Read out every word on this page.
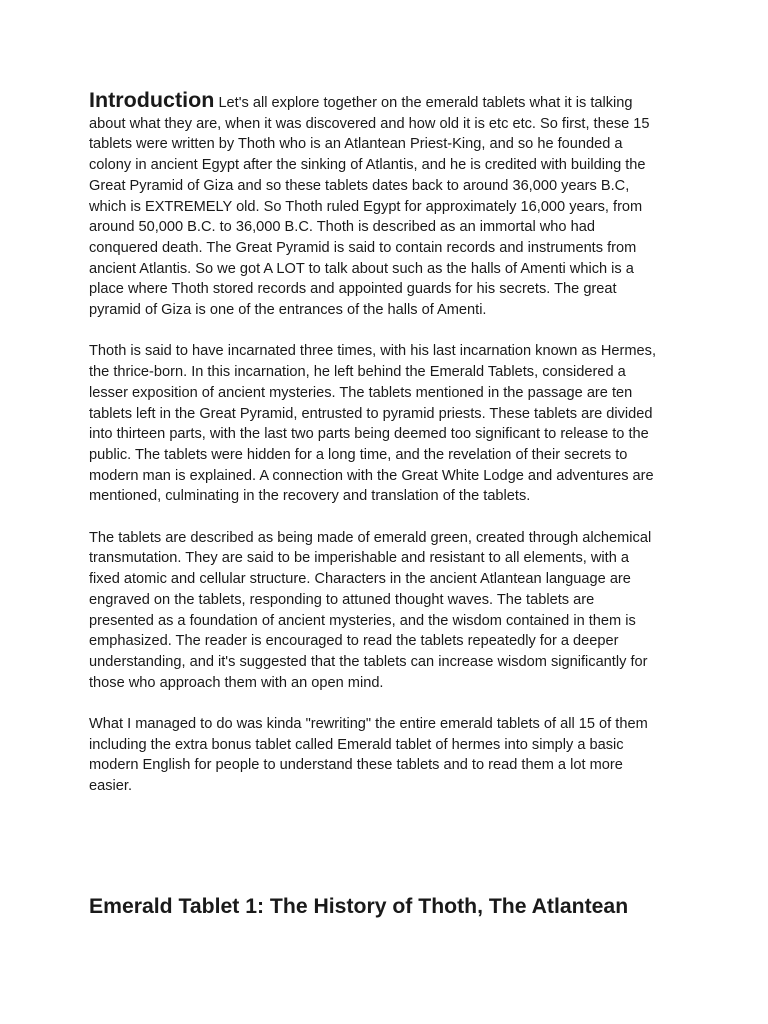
Introduction Let's all explore together on the emerald tablets what it is talking
about what they are, when it was discovered and how old it is etc etc. So first, these 15
tablets were written by Thoth who is an Atlantean Priest-King, and so he founded a
colony in ancient Egypt after the sinking of Atlantis, and he is credited with building the
Great Pyramid of Giza and so these tablets dates back to around 36,000 years B.C,
which is EXTREMELY old. So Thoth ruled Egypt for approximately 16,000 years, from
around 50,000 B.C. to 36,000 B.C. Thoth is described as an immortal who had
conquered death. The Great Pyramid is said to contain records and instruments from
ancient Atlantis. So we got A LOT to talk about such as the halls of Amenti which is a
place where Thoth stored records and appointed guards for his secrets. The great
pyramid of Giza is one of the entrances of the halls of Amenti.

Thoth is said to have incarnated three times, with his last incarnation known as Hermes,
the thrice-born. In this incarnation, he left behind the Emerald Tablets, considered a
lesser exposition of ancient mysteries. The tablets mentioned in the passage are ten
tablets left in the Great Pyramid, entrusted to pyramid priests. These tablets are divided
into thirteen parts, with the last two parts being deemed too significant to release to the
public. The tablets were hidden for a long time, and the revelation of their secrets to
modern man is explained. A connection with the Great White Lodge and adventures are
mentioned, culminating in the recovery and translation of the tablets.

The tablets are described as being made of emerald green, created through alchemical
transmutation. They are said to be imperishable and resistant to all elements, with a
fixed atomic and cellular structure. Characters in the ancient Atlantean language are
engraved on the tablets, responding to attuned thought waves. The tablets are
presented as a foundation of ancient mysteries, and the wisdom contained in them is
emphasized. The reader is encouraged to read the tablets repeatedly for a deeper
understanding, and it's suggested that the tablets can increase wisdom significantly for
those who approach them with an open mind.

What I managed to do was kinda "rewriting" the entire emerald tablets of all 15 of them
including the extra bonus tablet called Emerald tablet of hermes into simply a basic
modern English for people to understand these tablets and to read them a lot more
easier.

Emerald Tablet 1: The History of Thoth, The Atlantean
